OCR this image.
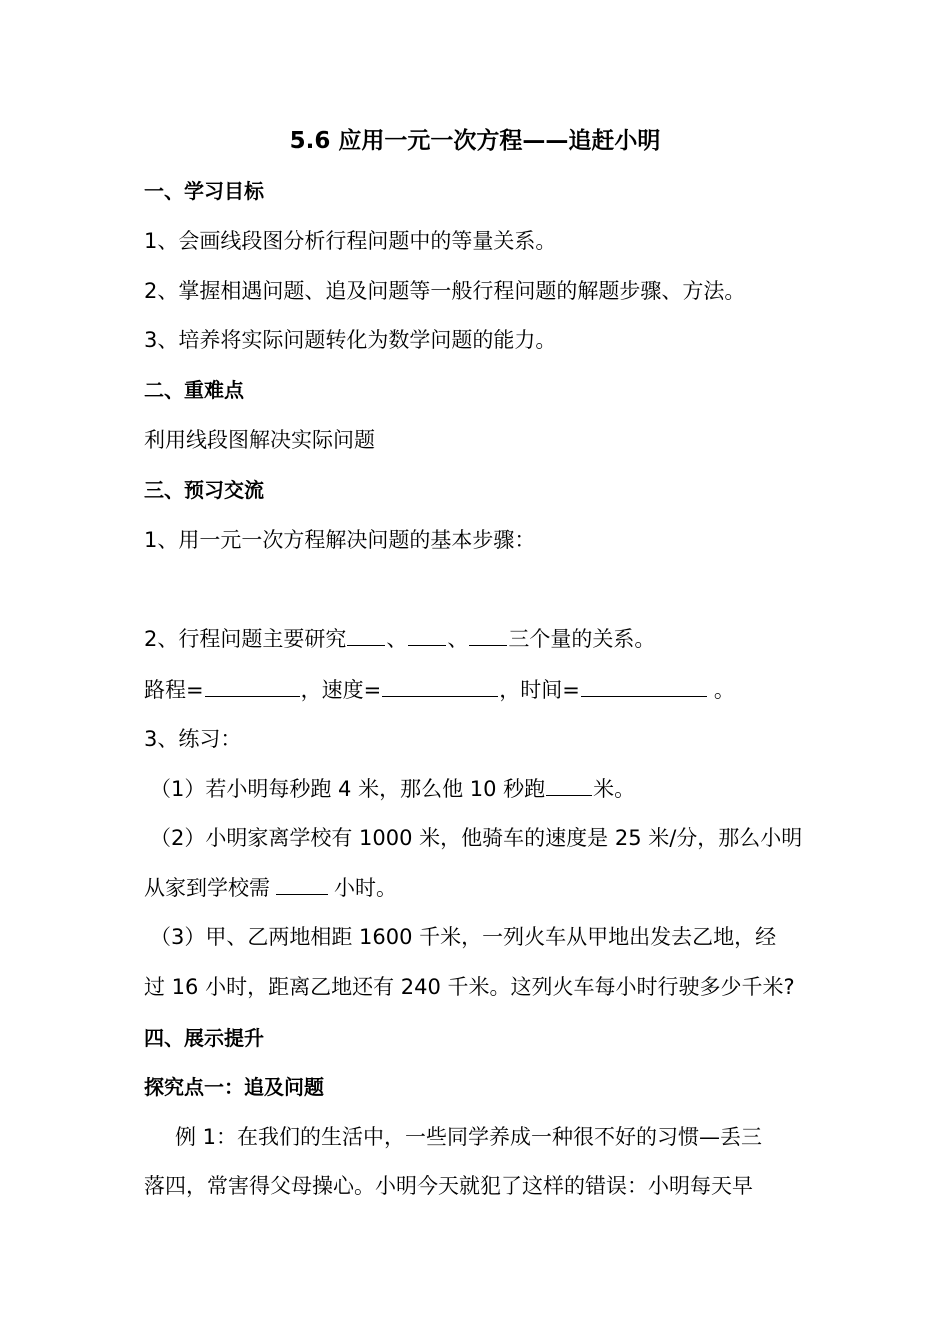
5.6 应用一元一次方程——追赶小明
一、学习目标
1、会画线段图分析行程问题中的等量关系。
2、掌握相遇问题、追及问题等一般行程问题的解题步骤、方法。
3、培养将实际问题转化为数学问题的能力。
二、重难点
利用线段图解决实际问题
三、预习交流
1、用一元一次方程解决问题的基本步骤：
2、行程问题主要研究 、 、 三个量的关系。
路程=	，速度=	，时间=	。
3、练习：
（1）若小明每秒跑 4 米，那么他 10 秒跑 米。
（2）小明家离学校有 1000 米，他骑车的速度是 25 米/分，那么小明
从家到学校需	小时。
（3）甲、乙两地相距 1600 千米，一列火车从甲地出发去乙地，经
过 16 小时，距离乙地还有 240 千米。这列火车每小时行驶多少千米?
四、展示提升
探究点一：追及问题
例 1：在我们的生活中，一些同学养成一种很不好的习惯—丢三
落四，常害得父母操心。小明今天就犯了这样的错误：小明每天早
